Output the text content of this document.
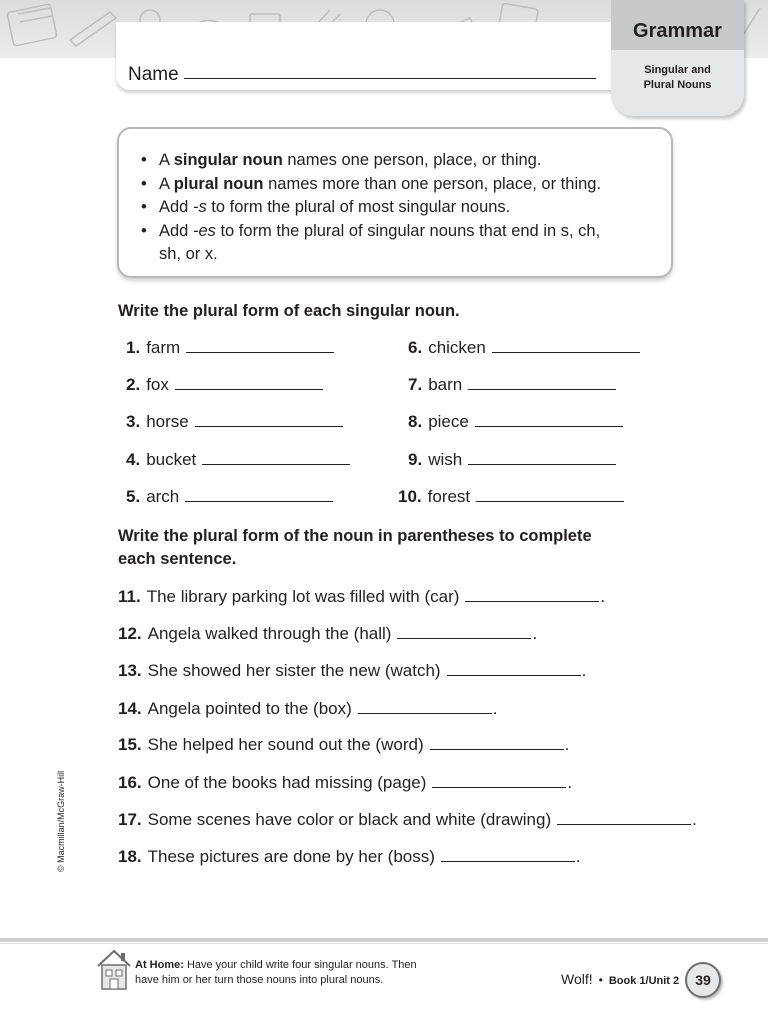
Name
Grammar
Singular and
Plural Nouns
• A singular noun names one person, place, or thing.
• A plural noun names more than one person, place, or thing.
• Add -s to form the plural of most singular nouns.
• Add -es to form the plural of singular nouns that end in s, ch,
sh, or x.
Write the plural form of each singular noun.
1. farm
2. fox
3. horse
4. bucket
5. arch
6. chicken
7. barn
8. piece
9. wish
10. forest
Write the plural form of the noun in parentheses to complete
each sentence.
11. The library parking lot was filled with (car)	.
12. Angela walked through the (hall)	.
13. She showed her sister the new (watch)	.
14. Angela pointed to the (box)	.
15. She helped her sound out the (word)	.
16. One of the books had missing (page)	.
17. Some scenes have color or black and white (drawing)	.
18. These pictures are done by her (boss)	.
© Macmillan/McGraw-Hill
At Home: Have your child write four singular nouns. Then
have him or her turn those nouns into plural nouns.	Wolf! • Book 1/Unit 2	39
